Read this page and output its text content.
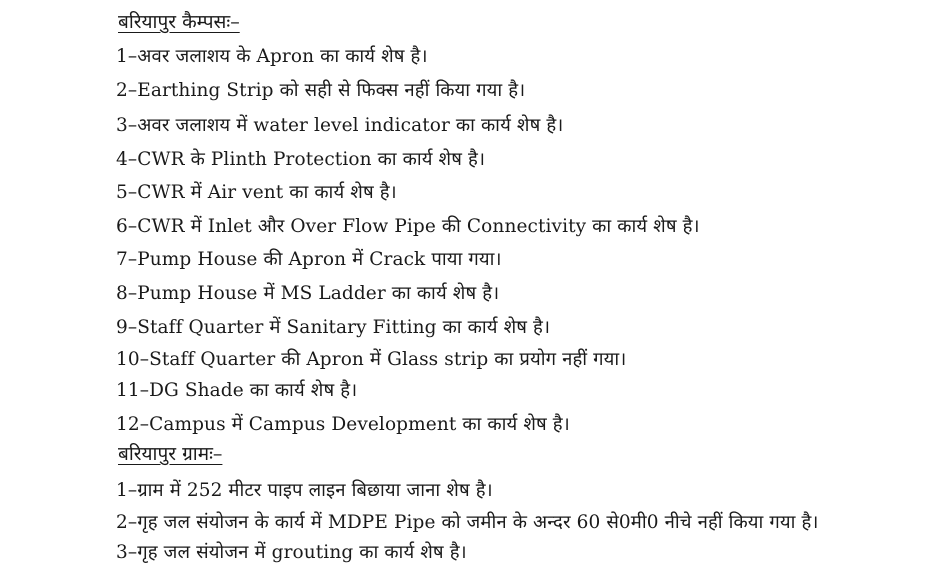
बरियापुर कैम्पसः–
1–अवर जलाशय के Apron का कार्य शेष है।
2–Earthing Strip को सही से फिक्स नहीं किया गया है।
3–अवर जलाशय में water level indicator का कार्य शेष है।
4–CWR के Plinth Protection का कार्य शेष है।
5–CWR में Air vent का कार्य शेष है।
6–CWR में Inlet और Over Flow Pipe की Connectivity का कार्य शेष है।
7–Pump House की Apron में Crack पाया गया।
8–Pump House में MS Ladder का कार्य शेष है।
9–Staff Quarter में Sanitary Fitting का कार्य शेष है।
10–Staff Quarter की Apron में Glass strip का प्रयोग नहीं गया।
11–DG Shade का कार्य शेष है।
12–Campus में Campus Development का कार्य शेष है।
बरियापुर ग्रामः–
1–ग्राम में 252 मीटर पाइप लाइन बिछाया जाना शेष है।
2–गृह जल संयोजन के कार्य में MDPE Pipe को जमीन के अन्दर 60 से0मी0 नीचे नहीं किया गया है।
3–गृह जल संयोजन में grouting का कार्य शेष है।
